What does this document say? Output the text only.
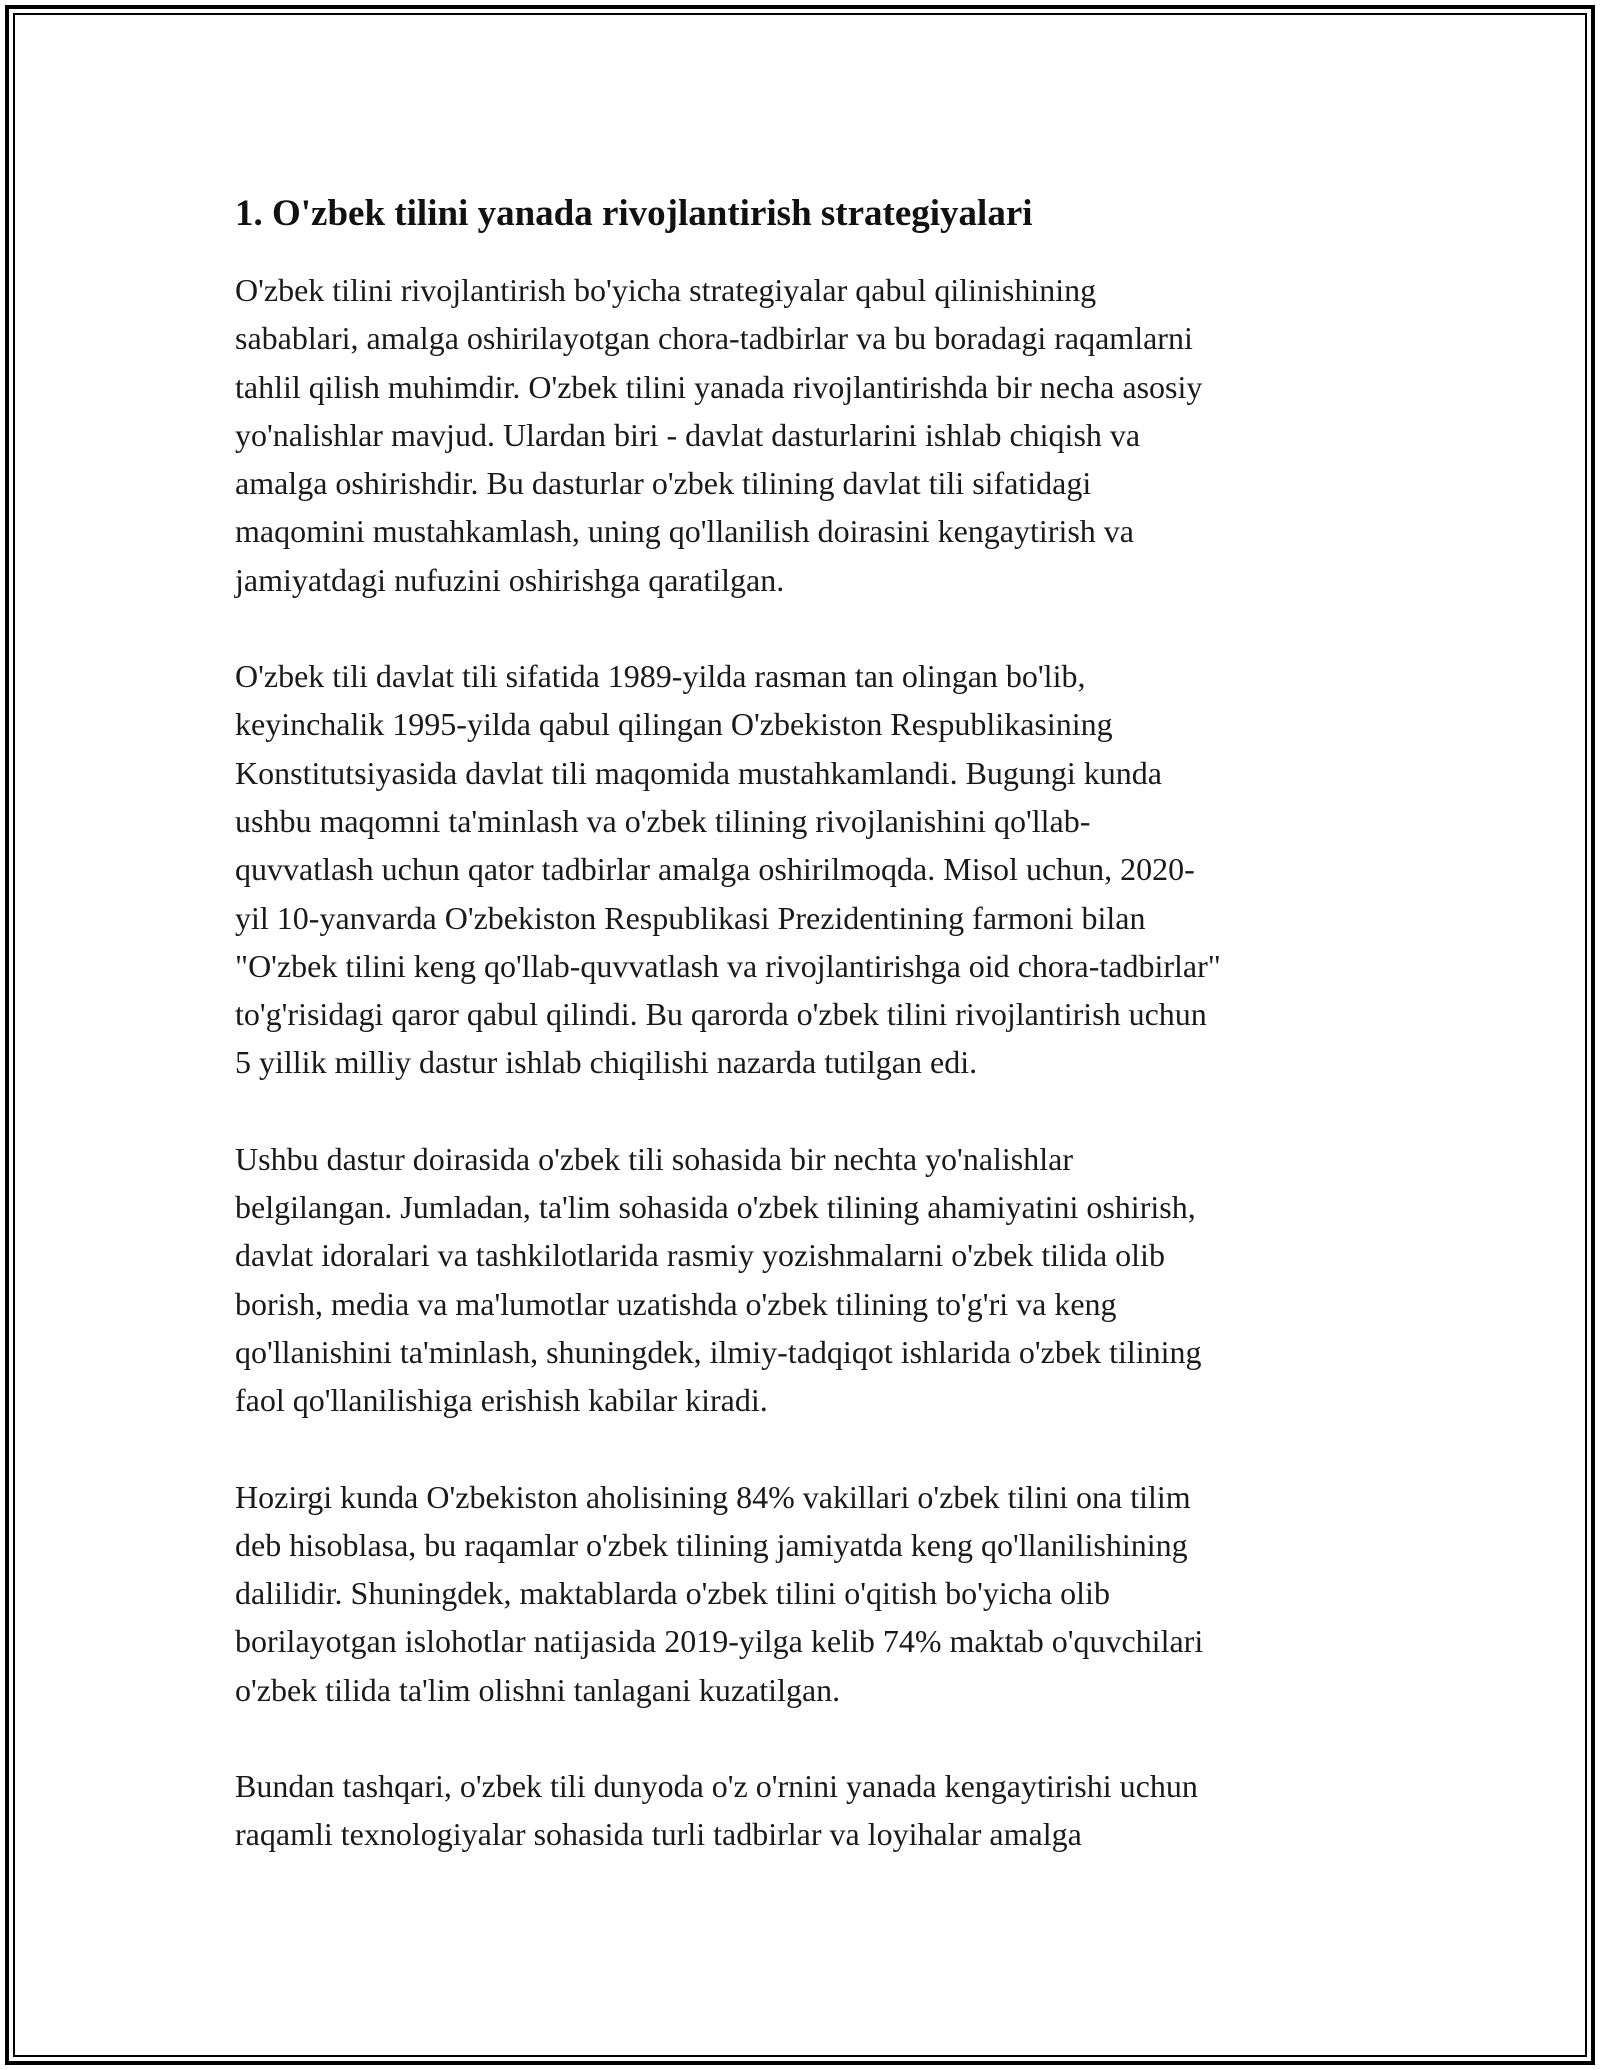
1. O'zbek tilini yanada rivojlantirish strategiyalari

O'zbek tilini rivojlantirish bo'yicha strategiyalar qabul qilinishining
sabablari, amalga oshirilayotgan chora-tadbirlar va bu boradagi raqamlarni
tahlil qilish muhimdir. O'zbek tilini yanada rivojlantirishda bir necha asosiy
yo'nalishlar mavjud. Ulardan biri - davlat dasturlarini ishlab chiqish va
amalga oshirishdir. Bu dasturlar o'zbek tilining davlat tili sifatidagi
maqomini mustahkamlash, uning qo'llanilish doirasini kengaytirish va
jamiyatdagi nufuzini oshirishga qaratilgan.

O'zbek tili davlat tili sifatida 1989-yilda rasman tan olingan bo'lib,
keyinchalik 1995-yilda qabul qilingan O'zbekiston Respublikasining
Konstitutsiyasida davlat tili maqomida mustahkamlandi. Bugungi kunda
ushbu maqomni ta'minlash va o'zbek tilining rivojlanishini qo'llab-
quvvatlash uchun qator tadbirlar amalga oshirilmoqda. Misol uchun, 2020-
yil 10-yanvarda O'zbekiston Respublikasi Prezidentining farmoni bilan
"O'zbek tilini keng qo'llab-quvvatlash va rivojlantirishga oid chora-tadbirlar"
to'g'risidagi qaror qabul qilindi. Bu qarorda o'zbek tilini rivojlantirish uchun
5 yillik milliy dastur ishlab chiqilishi nazarda tutilgan edi.

Ushbu dastur doirasida o'zbek tili sohasida bir nechta yo'nalishlar
belgilangan. Jumladan, ta'lim sohasida o'zbek tilining ahamiyatini oshirish,
davlat idoralari va tashkilotlarida rasmiy yozishmalarni o'zbek tilida olib
borish, media va ma'lumotlar uzatishda o'zbek tilining to'g'ri va keng
qo'llanishini ta'minlash, shuningdek, ilmiy-tadqiqot ishlarida o'zbek tilining
faol qo'llanilishiga erishish kabilar kiradi.

Hozirgi kunda O'zbekiston aholisining 84% vakillari o'zbek tilini ona tilim
deb hisoblasa, bu raqamlar o'zbek tilining jamiyatda keng qo'llanilishining
dalilidir. Shuningdek, maktablarda o'zbek tilini o'qitish bo'yicha olib
borilayotgan islohotlar natijasida 2019-yilga kelib 74% maktab o'quvchilari
o'zbek tilida ta'lim olishni tanlagani kuzatilgan.

Bundan tashqari, o'zbek tili dunyoda o'z o'rnini yanada kengaytirishi uchun
raqamli texnologiyalar sohasida turli tadbirlar va loyihalar amalga
